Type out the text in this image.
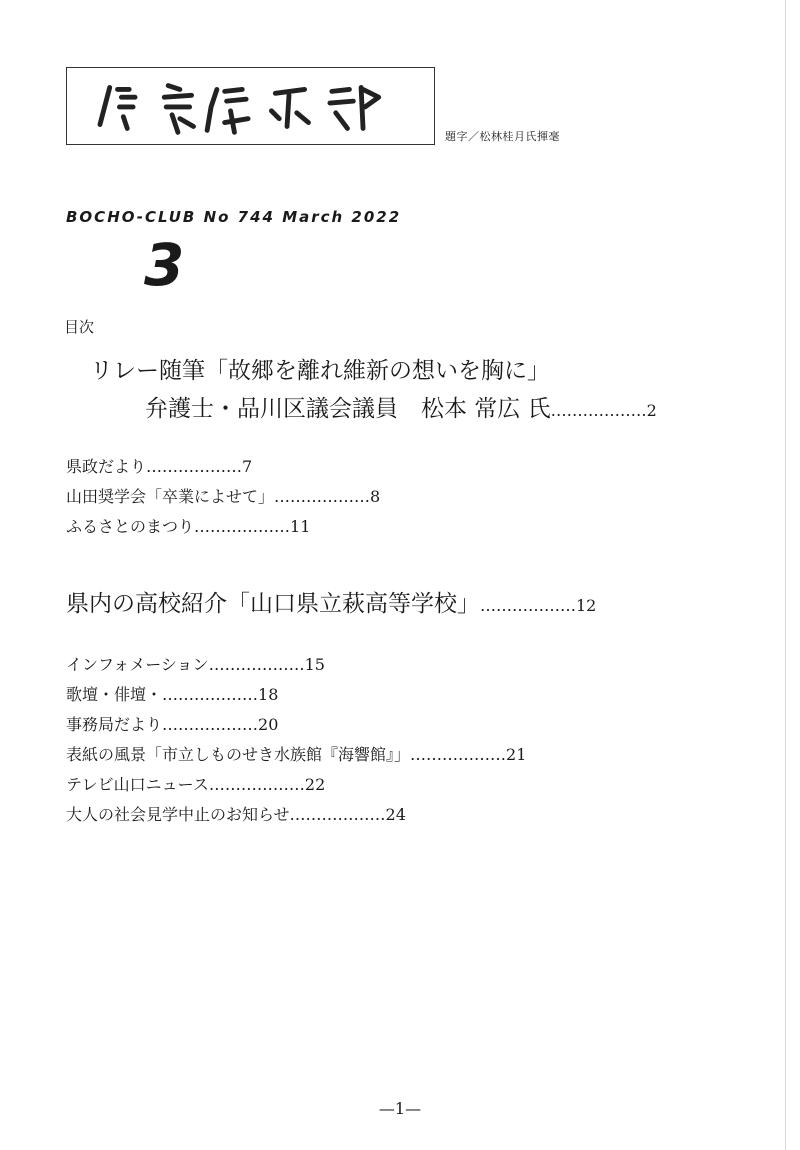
題字／松林桂月氏揮毫
BOCHO-CLUB No 744 March 2022
3
目次
リレー随筆「故郷を離れ維新の想いを胸に」
弁護士・品川区議会議員　松本 常広 氏………………2
県政だより………………7
山田奨学会「卒業によせて」………………8
ふるさとのまつり………………11
県内の高校紹介「山口県立萩高等学校」………………12
インフォメーション………………15
歌壇・俳壇・………………18
事務局だより………………20
表紙の風景「市立しものせき水族館『海響館』」………………21
テレビ山口ニュース………………22
大人の社会見学中止のお知らせ………………24
—1—
